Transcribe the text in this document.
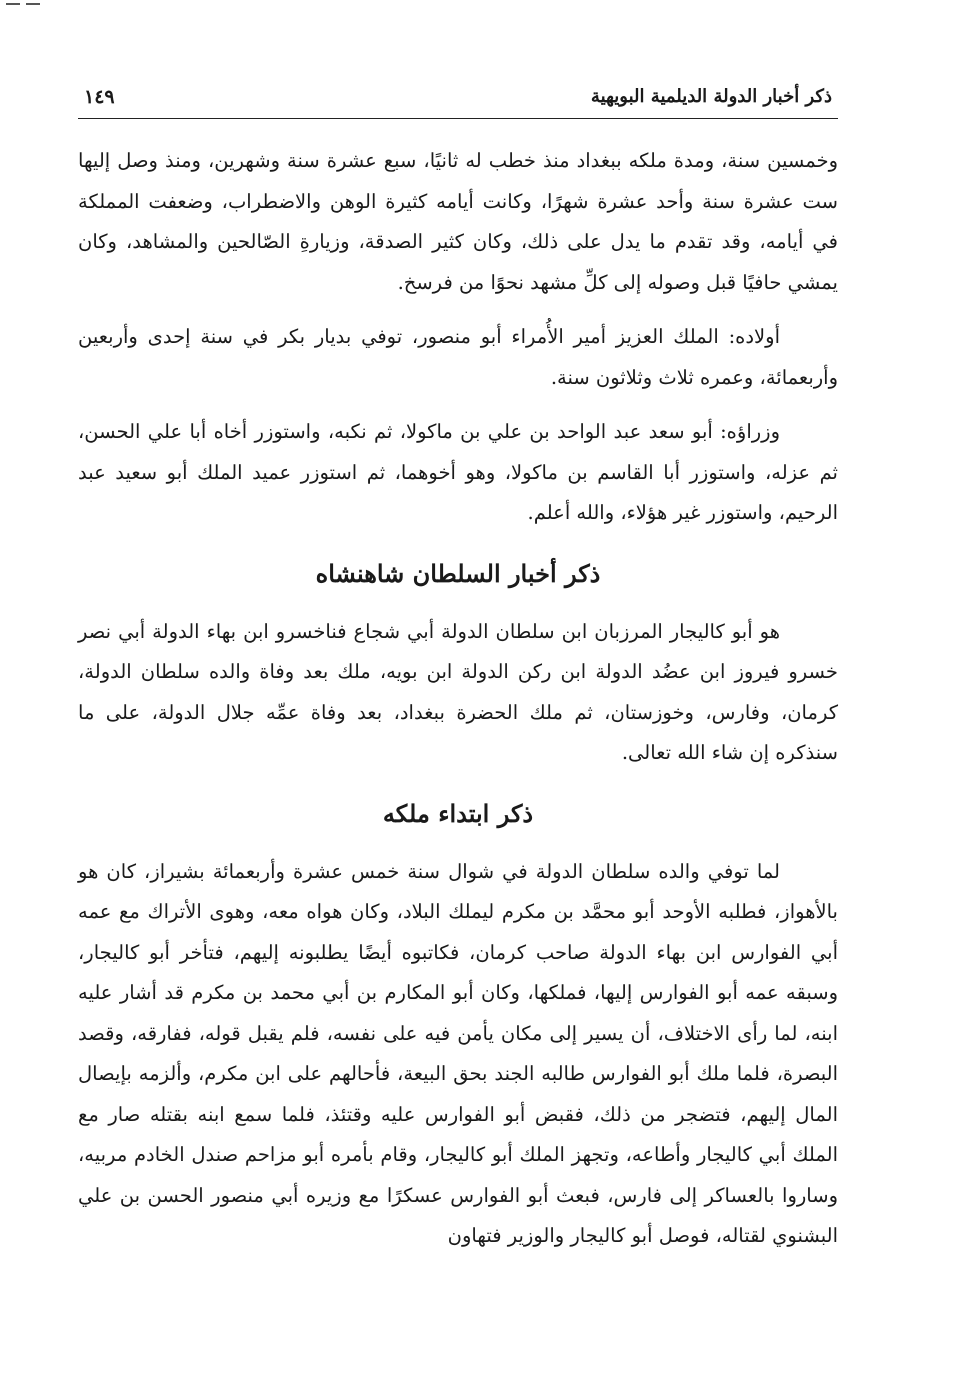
ذكر أخبار الدولة الديلمية البويهية
١٤٩

وخمسين سنة، ومدة ملكه ببغداد منذ خطب له ثانيًا، سبع عشرة سنة وشهرين، ومنذ وصل إليها ست عشرة سنة وأحد عشرة شهرًا، وكانت أيامه كثيرة الوهن والاضطراب، وضعفت المملكة في أيامه، وقد تقدم ما يدل على ذلك، وكان كثير الصدقة، وزيارةِ الصّالحين والمشاهد، وكان يمشي حافيًا قبل وصوله إلى كلِّ مشهد نحوًا من فرسخ.

أولاده: الملك العزيز أمير الأُمراء أبو منصور، توفي بديار بكر في سنة إحدى وأربعين وأربعمائة، وعمره ثلاث وثلاثون سنة.

وزراؤه: أبو سعد عبد الواحد بن علي بن ماكولا، ثم نكبه، واستوزر أخاه أبا علي الحسن، ثم عزله، واستوزر أبا القاسم بن ماكولا، وهو أخوهما، ثم استوزر عميد الملك أبو سعيد عبد الرحيم، واستوزر غير هؤلاء، والله أعلم.

ذكر أخبار السلطان شاهنشاه

هو أبو كاليجار المرزبان ابن سلطان الدولة أبي شجاع فناخسرو ابن بهاء الدولة أبي نصر خسرو فيروز ابن عضُد الدولة ابن ركن الدولة ابن بويه، ملك بعد وفاة والده سلطان الدولة، كرمان، وفارس، وخوزستان، ثم ملك الحضرة ببغداد، بعد وفاة عمِّه جلال الدولة، على ما سنذكره إن شاء الله تعالى.

ذكر ابتداء ملكه

لما توفي والده سلطان الدولة في شوال سنة خمس عشرة وأربعمائة بشيراز، كان هو بالأهواز، فطلبه الأوحد أبو محمَّد بن مكرم ليملك البلاد، وكان هواه معه، وهوى الأتراك مع عمه أبي الفوارس ابن بهاء الدولة صاحب كرمان، فكاتبوه أيضًا يطلبونه إليهم، فتأخر أبو كاليجار، وسبقه عمه أبو الفوارس إليها، فملكها، وكان أبو المكارم بن أبي محمد بن مكرم قد أشار عليه ابنه، لما رأى الاختلاف، أن يسير إلى مكان يأمن فيه على نفسه، فلم يقبل قوله، ففارقه، وقصد البصرة، فلما ملك أبو الفوارس طالبه الجند بحق البيعة، فأحالهم على ابن مكرم، وألزمه بإيصال المال إليهم، فتضجر من ذلك، فقبض أبو الفوارس عليه وقتئذ، فلما سمع ابنه بقتله صار مع الملك أبي كاليجار وأطاعه، وتجهز الملك أبو كاليجار، وقام بأمره أبو مزاحم صندل الخادم مربيه، وساروا بالعساكر إلى فارس، فبعث أبو الفوارس عسكرًا مع وزيره أبي منصور الحسن بن علي البشنوي لقتاله، فوصل أبو كاليجار والوزير فتهاون
